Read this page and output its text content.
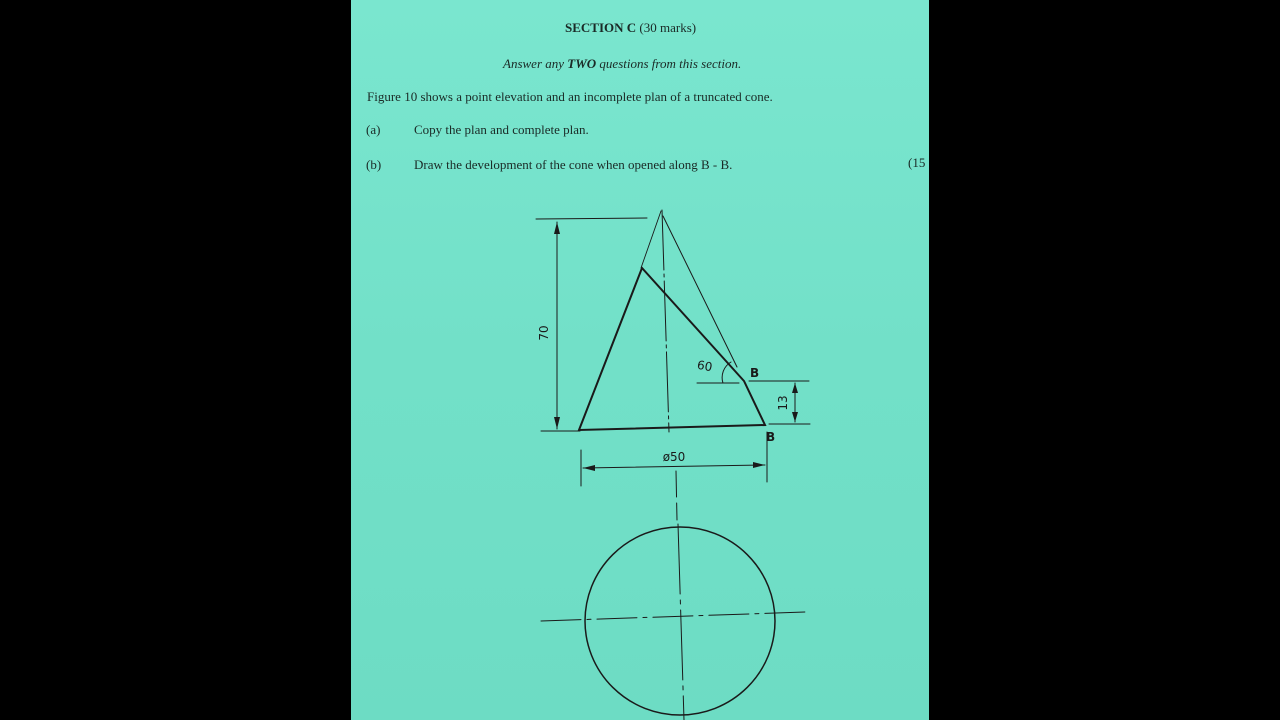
SECTION C (30 marks)
Answer any TWO questions from this section.
Figure 10 shows a point elevation and an incomplete plan of a truncated cone.
(a)	Copy the plan and complete plan.
(b)	Draw the development of the cone when opened along B - B.	(15
70
60
13
ø50
B
B
